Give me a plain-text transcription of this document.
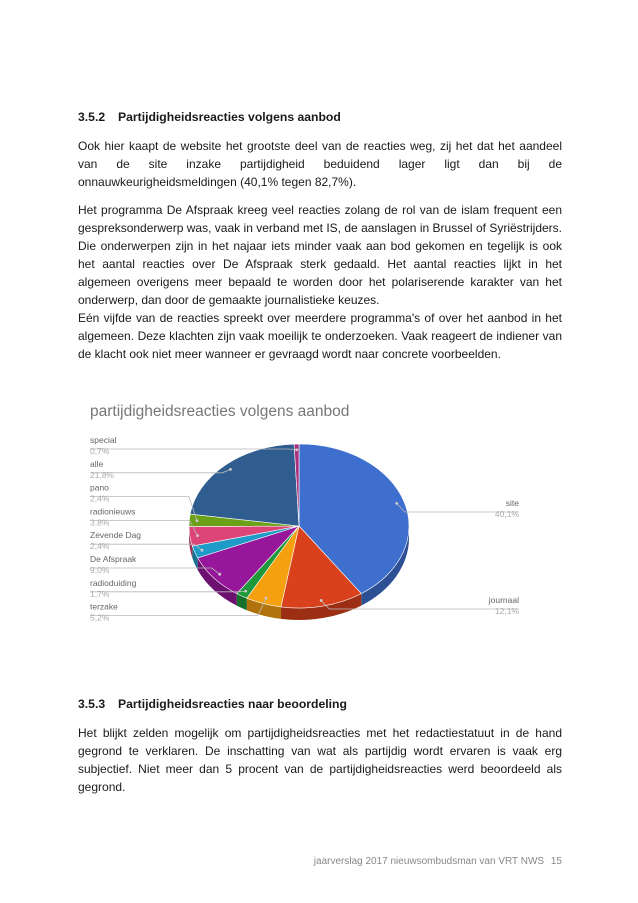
3.5.2 Partijdigheidsreacties volgens aanbod

Ook hier kaapt de website het grootste deel van de reacties weg, zij het dat het aandeel van de site inzake partijdigheid beduidend lager ligt dan bij de onnauwkeurigheidsmeldingen (40,1% tegen 82,7%).

Het programma De Afspraak kreeg veel reacties zolang de rol van de islam frequent een gespreksonderwerp was, vaak in verband met IS, de aanslagen in Brussel of Syriëstrijders. Die onderwerpen zijn in het najaar iets minder vaak aan bod gekomen en tegelijk is ook het aantal reacties over De Afspraak sterk gedaald. Het aantal reacties lijkt in het algemeen overigens meer bepaald te worden door het polariserende karakter van het onderwerp, dan door de gemaakte journalistieke keuzes.

Eén vijfde van de reacties spreekt over meerdere programma's of over het aanbod in het algemeen. Deze klachten zijn vaak moeilijk te onderzoeken. Vaak reageert de indiener van de klacht ook niet meer wanneer er gevraagd wordt naar concrete voorbeelden.

partijdigheidsreacties volgens aanbod
site
40,1%
journaal
12,1%
terzake
5,2%
radioduiding
1,7%
De Afspraak
9,0%
Zevende Dag
2,4%
radionieuws
3,8%
pano
2,4%
alle
21,8%
special
0,7%
3.5.3 Partijdigheidsreacties naar beoordeling

Het blijkt zelden mogelijk om partijdigheidsreacties met het redactiestatuut in de hand gegrond te verklaren. De inschatting van wat als partijdig wordt ervaren is vaak erg subjectief. Niet meer dan 5 procent van de partijdigheidsreacties werd beoordeeld als gegrond.

jaarverslag 2017 nieuwsombudsman van VRT NWS 15
